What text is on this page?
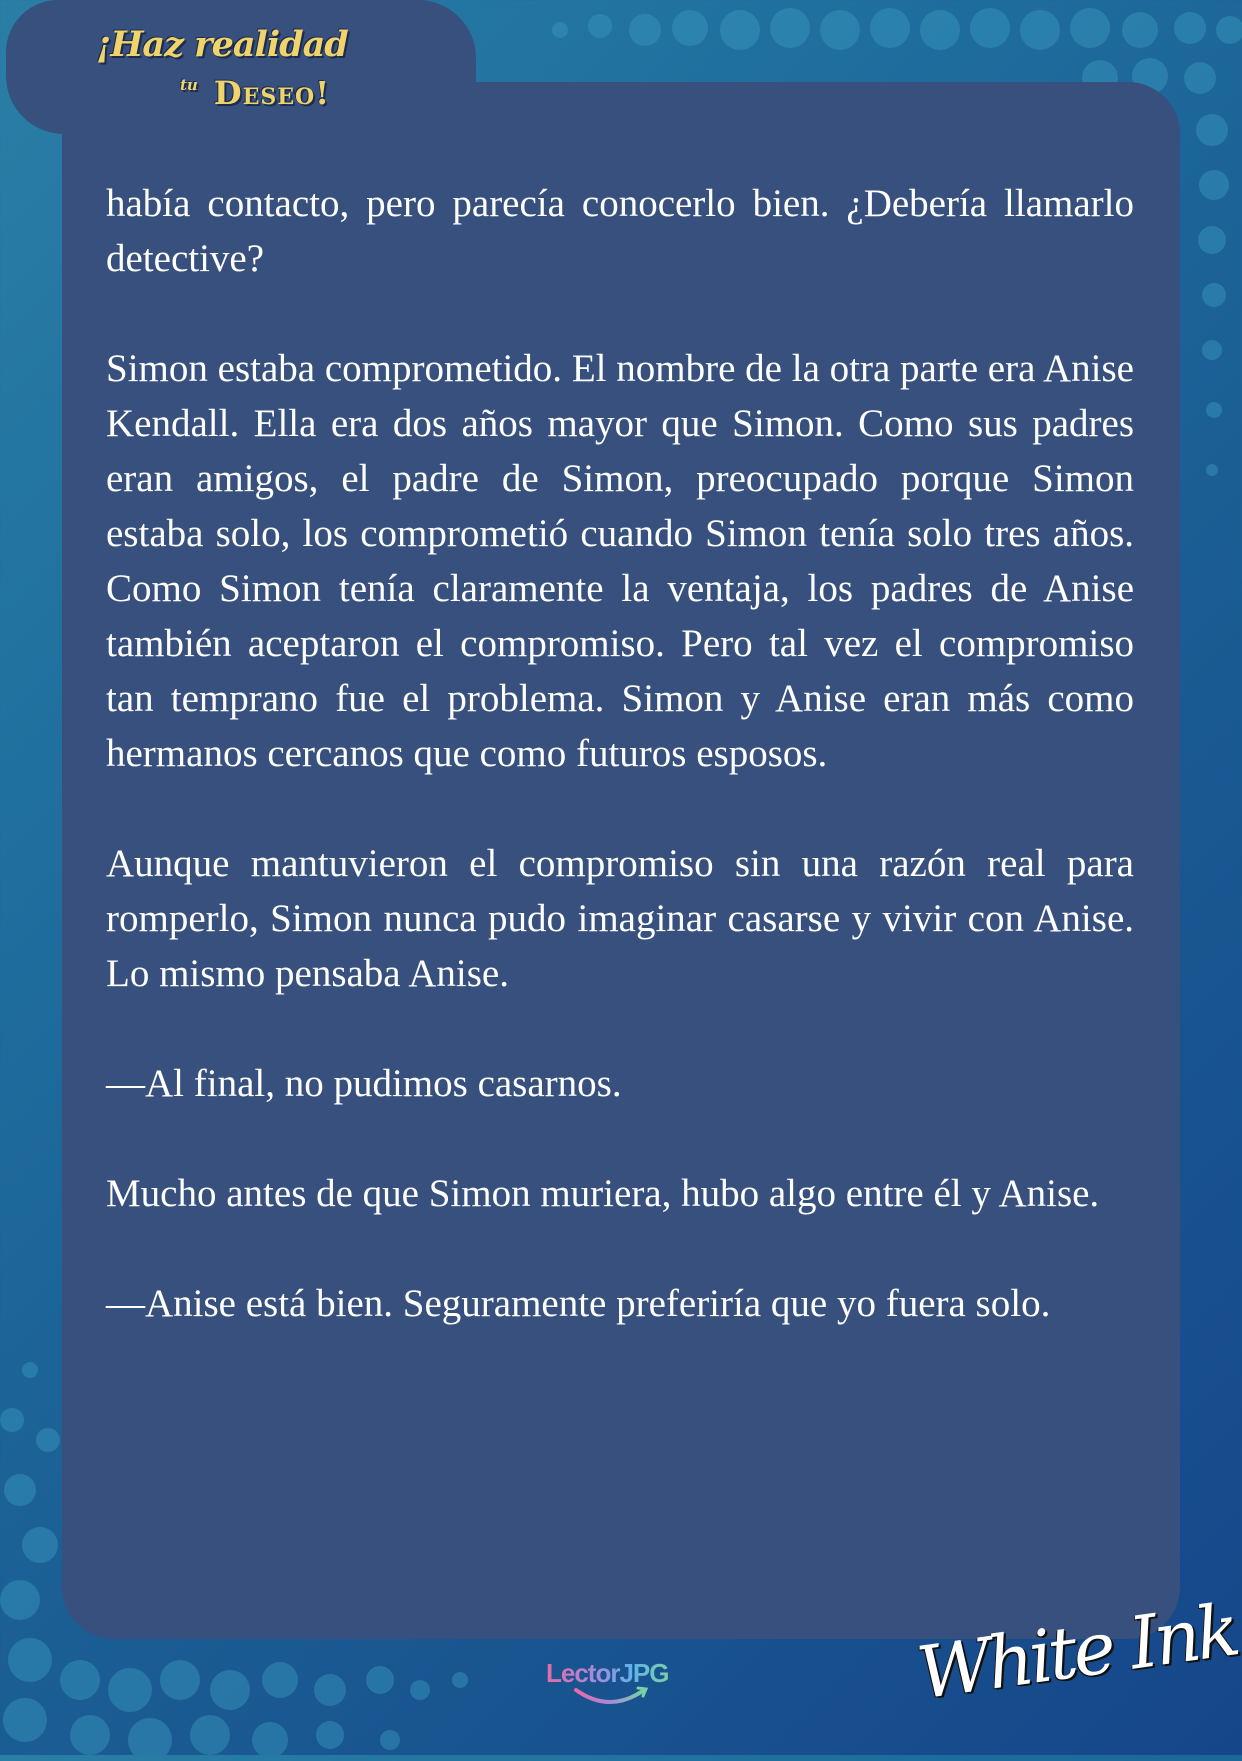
¡Haz realidad
$^{tu}$ Deseo!

había contacto, pero parecía conocerlo bien. ¿Debería llamarlo detective?

Simon estaba comprometido. El nombre de la otra parte era Anise Kendall. Ella era dos años mayor que Simon. Como sus padres eran amigos, el padre de Simon, preocupado porque Simon estaba solo, los comprometió cuando Simon tenía solo tres años. Como Simon tenía claramente la ventaja, los padres de Anise también aceptaron el compromiso. Pero tal vez el compromiso tan temprano fue el problema. Simon y Anise eran más como hermanos cercanos que como futuros esposos.

Aunque mantuvieron el compromiso sin una razón real para romperlo, Simon nunca pudo imaginar casarse y vivir con Anise. Lo mismo pensaba Anise.

—Al final, no pudimos casarnos.

Mucho antes de que Simon muriera, hubo algo entre él y Anise.

—Anise está bien. Seguramente preferiría que yo fuera solo.

LectorJPG	White Ink
